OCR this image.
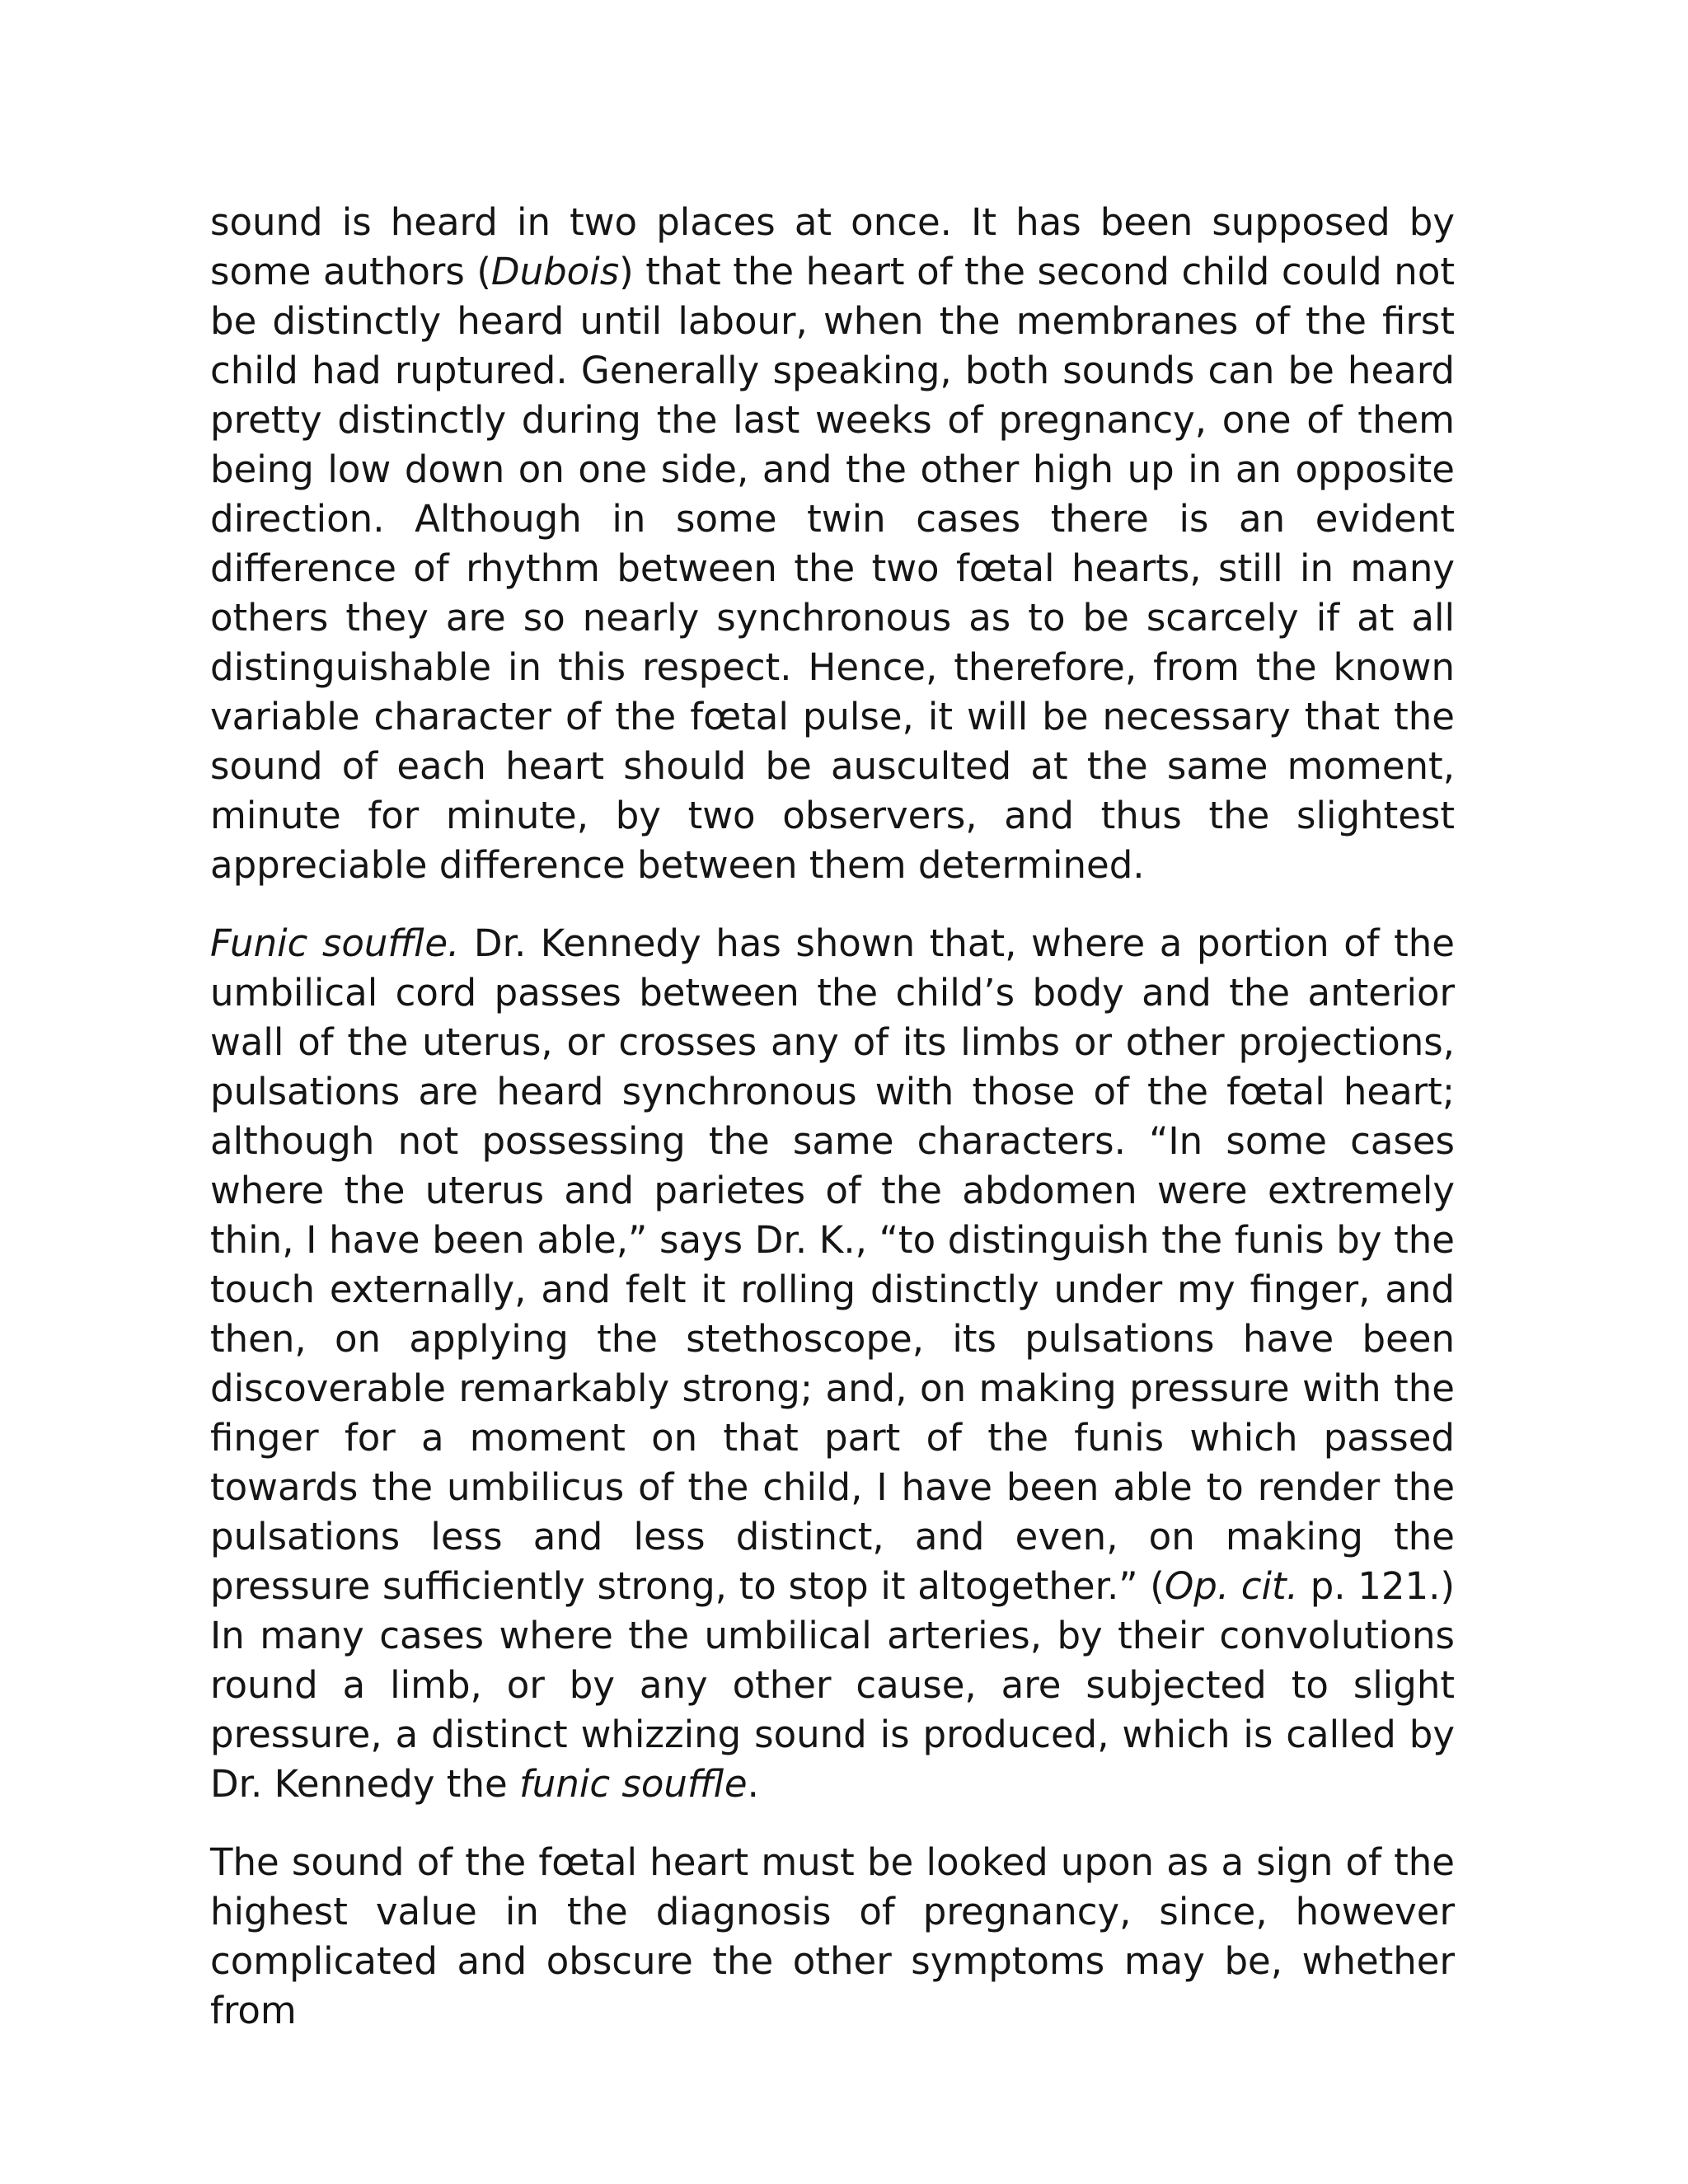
sound is heard in two places at once. It has been supposed by some authors (Dubois) that the heart of the second child could not be distinctly heard until labour, when the membranes of the first child had ruptured. Generally speaking, both sounds can be heard pretty distinctly during the last weeks of pregnancy, one of them being low down on one side, and the other high up in an opposite direction. Although in some twin cases there is an evident difference of rhythm between the two fœtal hearts, still in many others they are so nearly synchronous as to be scarcely if at all distinguishable in this respect. Hence, therefore, from the known variable character of the fœtal pulse, it will be necessary that the sound of each heart should be ausculted at the same moment, minute for minute, by two observers, and thus the slightest appreciable difference between them determined.

Funic souffle. Dr. Kennedy has shown that, where a portion of the umbilical cord passes between the child’s body and the anterior wall of the uterus, or crosses any of its limbs or other projections, pulsations are heard synchronous with those of the fœtal heart; although not possessing the same characters. “In some cases where the uterus and parietes of the abdomen were extremely thin, I have been able,” says Dr. K., “to distinguish the funis by the touch externally, and felt it rolling distinctly under my finger, and then, on applying the stethoscope, its pulsations have been discoverable remarkably strong; and, on making pressure with the finger for a moment on that part of the funis which passed towards the umbilicus of the child, I have been able to render the pulsations less and less distinct, and even, on making the pressure sufficiently strong, to stop it altogether.” (Op. cit. p. 121.) In many cases where the umbilical arteries, by their convolutions round a limb, or by any other cause, are subjected to slight pressure, a distinct whizzing sound is produced, which is called by Dr. Kennedy the funic souffle.

The sound of the fœtal heart must be looked upon as a sign of the highest value in the diagnosis of pregnancy, since, however complicated and obscure the other symptoms may be, whether from
